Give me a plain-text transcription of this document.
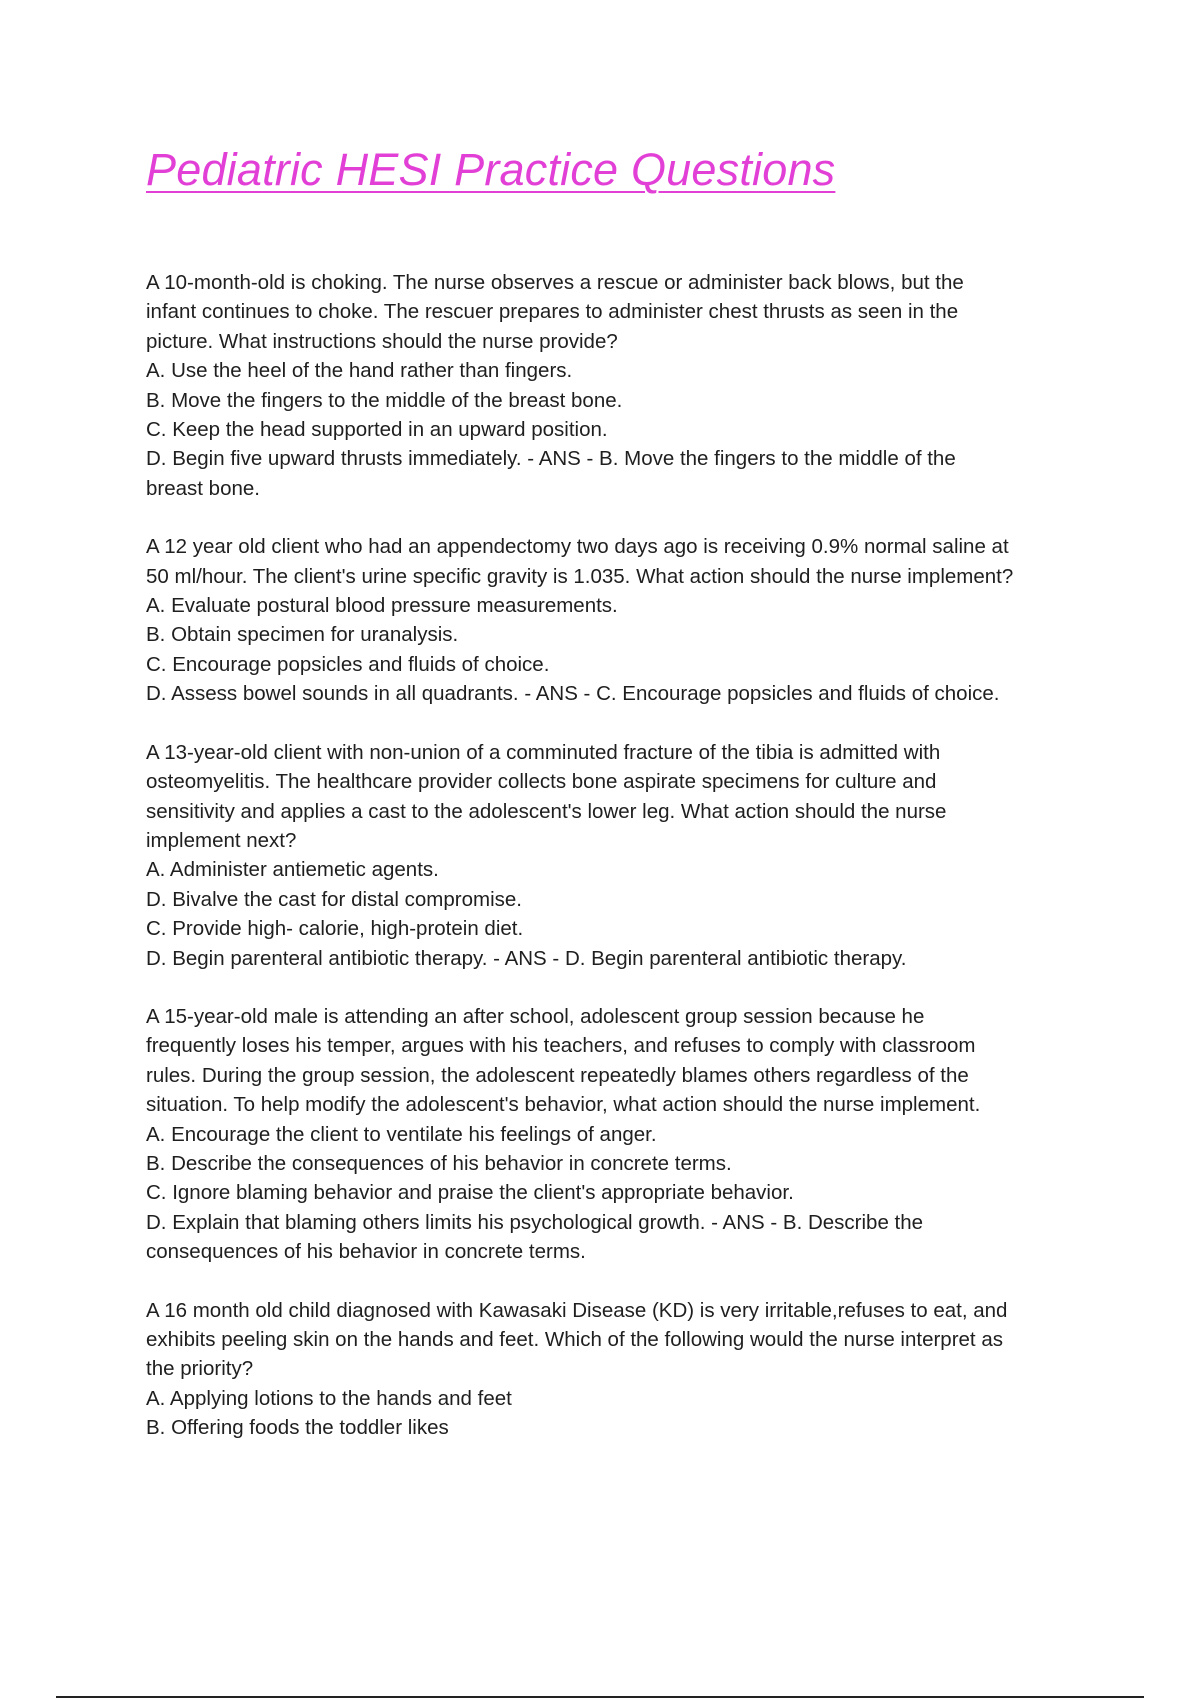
Pediatric HESI Practice Questions
A 10-month-old is choking. The nurse observes a rescue or administer back blows, but the
infant continues to choke. The rescuer prepares to administer chest thrusts as seen in the
picture. What instructions should the nurse provide?
A. Use the heel of the hand rather than fingers.
B. Move the fingers to the middle of the breast bone.
C. Keep the head supported in an upward position.
D. Begin five upward thrusts immediately. - ANS - B. Move the fingers to the middle of the
breast bone.
A 12 year old client who had an appendectomy two days ago is receiving 0.9% normal saline at
50 ml/hour. The client's urine specific gravity is 1.035. What action should the nurse implement?
A. Evaluate postural blood pressure measurements.
B. Obtain specimen for uranalysis.
C. Encourage popsicles and fluids of choice.
D. Assess bowel sounds in all quadrants. - ANS - C. Encourage popsicles and fluids of choice.
A 13-year-old client with non-union of a comminuted fracture of the tibia is admitted with
osteomyelitis. The healthcare provider collects bone aspirate specimens for culture and
sensitivity and applies a cast to the adolescent's lower leg. What action should the nurse
implement next?
A. Administer antiemetic agents.
D. Bivalve the cast for distal compromise.
C. Provide high- calorie, high-protein diet.
D. Begin parenteral antibiotic therapy. - ANS - D. Begin parenteral antibiotic therapy.
A 15-year-old male is attending an after school, adolescent group session because he
frequently loses his temper, argues with his teachers, and refuses to comply with classroom
rules. During the group session, the adolescent repeatedly blames others regardless of the
situation. To help modify the adolescent's behavior, what action should the nurse implement.
A. Encourage the client to ventilate his feelings of anger.
B. Describe the consequences of his behavior in concrete terms.
C. Ignore blaming behavior and praise the client's appropriate behavior.
D. Explain that blaming others limits his psychological growth. - ANS - B. Describe the
consequences of his behavior in concrete terms.
A 16 month old child diagnosed with Kawasaki Disease (KD) is very irritable,refuses to eat, and
exhibits peeling skin on the hands and feet. Which of the following would the nurse interpret as
the priority?
A. Applying lotions to the hands and feet
B. Offering foods the toddler likes
